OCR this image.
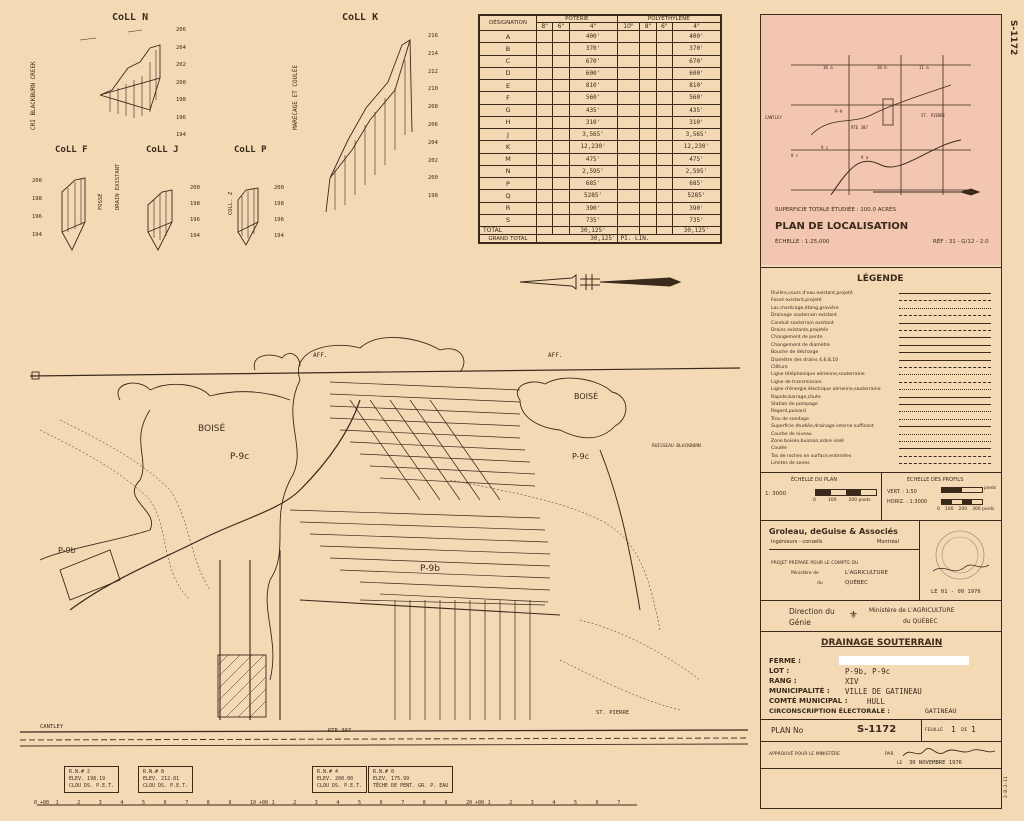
CoLL N
CRI BLACKBURN CREEK
206
204
202
200
198
196
194
CoLL K
MARÉCAGE ET COULÉE
216
214
212
210
208
206
204
202
200
198
CoLL F
FOSSÉ
200
198
196
194
CoLL J
DRAIN EXISTANT	200
198
196
194
CoLL P
COLL. Z
200
198
196
194
DÉSIGNATION	POTERIE			POLYÉTHYLÈNE			
	8"	6"	4"	10"	8"	6"	4"
A			400'				400'
B			370'				370'
C			670'				670'
D			600'				600'
E			810'				810'
F			560'				560'
G			435'				435'
H			310'				310'
J			3,565'				3,565'
K			12,230'				12,230'
M			475'				475'
N			2,595'				2,595'
P			685'				685'
Q			5285'				5285'
R			390'				390'
S			735'				735'
TOTAL			30,125'				30,125'
GRAND TOTAL	30,125'			PI. LIN.			
BOISÉ
BOISÉ
P-9c	P-9c
P-9b
P-9b
AFF.	AFF.
RUISSEAU BLACKBURN
CANTLEY
ST. PIERRE
RTE 307
R.N.# 2
ELEV. 198.19
CLOU DS. P.E.T.
R.N.# 8
ELEV. 212.81
CLOU DS. P.E.T.
R.N.# 4
ELEV. 200.00
CLOU DS. P.E.T.
R.N.# 0
ELEV. 175.99
TÊCHE DE PENT. GR. P. EAU
0 +00 1	2	3	4	5	6	7	8	9	10 +00 1	2	3	4	5	6	7	8	9	20 +00 1	2	3	4	5	6	7
10 a	10 b	11 a
CANTLEY
P-9
ST. PIERRE
RTE 307
9 c
8 c	9 a
SUPERFICIE TOTALE ÉTUDIÉE : 100.0 ACRES
PLAN DE LOCALISATION
ÉCHELLE : 1:25,000	RÉF : 31 - G/12 - 2.0
LÉGENDE
Rivière,cours d'eau existant,projeté
Fossé existant,projeté
Lac,marécage,étang,gravière
Drainage souterrain existant
Conduit souterrain existant
Drains existants,projetés
Changement de pente
Changement de diamètre
Bouche de décharge
Diamètre des drains 4,6,8,10
Clôture
Ligne téléphonique aérienne,souterraine
Ligne de transmission
Ligne d'énergie électrique aérienne,souterraine
Rapide,barrage,chute
Station de pompage
Regard,puisard
Trou de sondage
Superficie étudiée,drainage interne suffisant
Courbe de niveau
Zone boisée,buisson,arbre isolé
Coulée
Tas de roches en surface,enterrées
Limites de zones
ÉCHELLE DU PLAN
1: 3000
0	100	200 pieds
ÉCHELLE DES PROFILS
VERT. : 1:50
HORIZ. : 1:3000
pieds
0 100 200 300 pieds
Groleau, deGuise & Associés
Ingénieurs - conseils	Montréal
PROJET PRÉPARÉ POUR LE COMPTE DU
Ministère de	L'AGRICULTURE
du	QUÉBEC
LE 01 - 09 1976
Direction du
Génie
⚜ Ministère de L'AGRICULTURE
du QUÉBEC
DRAINAGE SOUTERRAIN
FERME :
LOT :	P-9b, P-9c
RANG :	XIV
MUNICIPALITÉ : VILLE DE GATINEAU
COMTÉ MUNICIPAL :	HULL
CIRCONSCRIPTION ÉLECTORALE :	GATINEAU
PLAN No	S-1172	FEUILLE 1 DE 1
APPROUVÉ POUR LE MINISTÈRE	PAR
LE 30 NOVEMBRE 1976
S-1172
2-B-2-11
